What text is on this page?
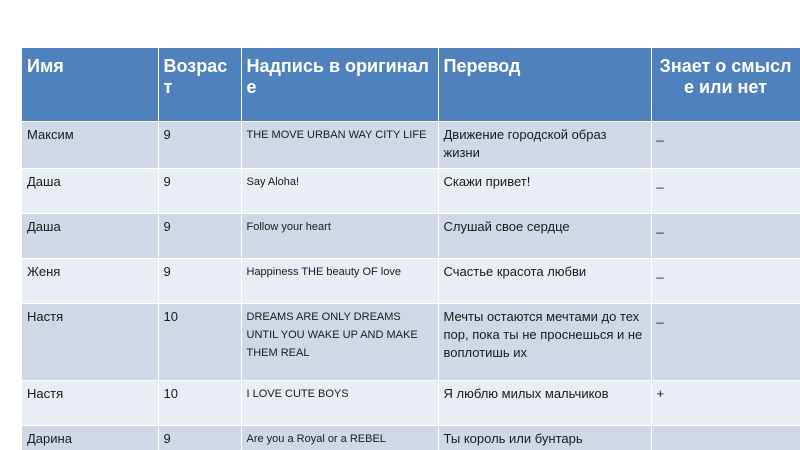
Имя	Возраст	Надпись в оригинале	Перевод	Знает о смысле или нет
Максим	9	THE MOVE URBAN WAY CITY LIFE	Движение городской образ жизни	_
Даша	9	Say Aloha!	Скажи привет!	_
Даша	9	Follow your heart	Слушай свое сердце	_
Женя	9	Happiness THE beauty OF love	Счастье красота любви	_
Настя	10	DREAMS ARE ONLY DREAMS UNTIL YOU WAKE UP AND MAKE THEM REAL	Мечты остаются мечтами до тех пор, пока ты не проснешься и не воплотишь их	_
Настя	10	I LOVE CUTE BOYS	Я люблю милых мальчиков	+
Дарина	9	Are you a Royal or a REBEL	Ты король или бунтарь	
